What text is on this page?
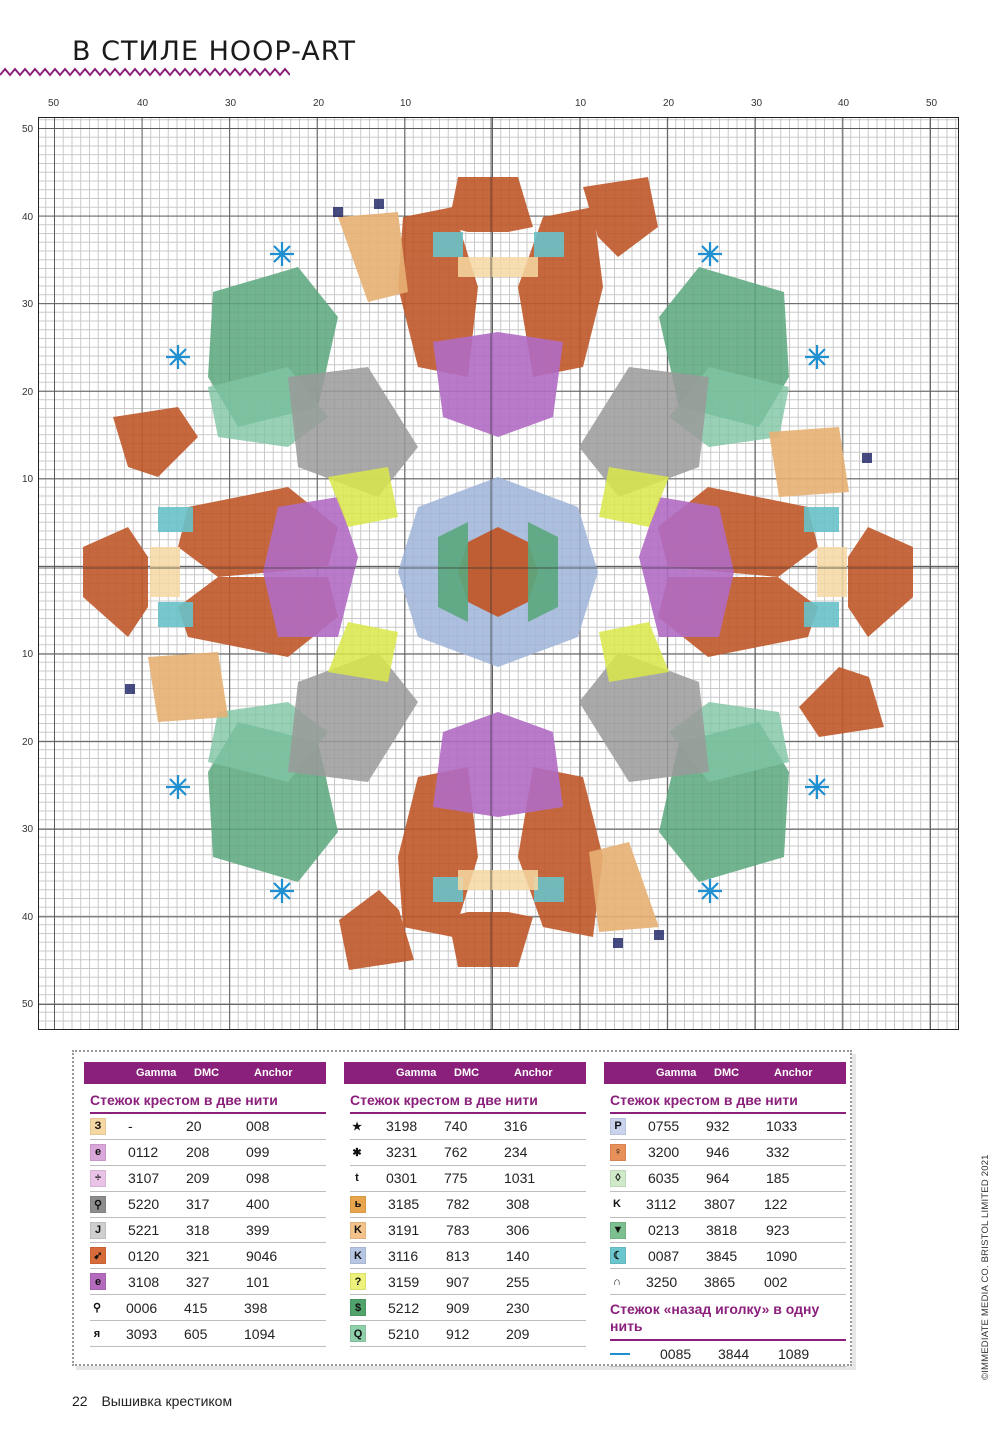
В СТИЛЕ HOOP-ART
50	40	30	20	10	10	20	30	40	50
50
40
30
20
10
10
20
30
40
50
Gamma	DMC	Anchor
Стежок крестом в две нити
З	-	20	008
e	0112	208	099
÷	3107	209	098
⚲ 5220	317	400
J	5221	318	399
➹ 0120	321	9046
e	3108	327	101
⚲ 0006	415	398
я 3093	605	1094
Gamma	DMC	Anchor
Стежок крестом в две нити
★ 3198	740	316
✱ 3231	762	234
t	0301	775	1031
ь	3185	782	308
K 3191	783	306
K 3116	813	140
?	3159	907	255
$	5212	909	230
Q 5210	912	209
Gamma	DMC	Anchor
Стежок крестом в две нити
P	0755	932	1033
♀ 3200	946	332
◊	6035	964	185
K 3112	3807	122
▼ 0213	3818	923
☾ 0087	3845	1090
∩ 3250	3865	002
Стежок «назад иголку» в одну нить
0085	3844	1089
22 Вышивка крестиком
©IMMEDIATE MEDIA CO. BRISTOL LIMITED 2021
